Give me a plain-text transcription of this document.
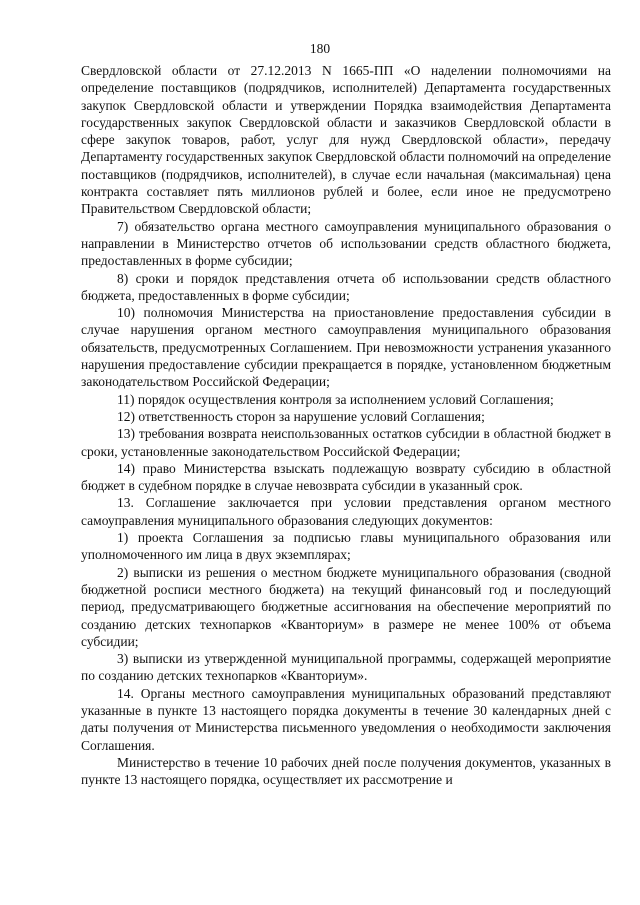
180

Свердловской области от 27.12.2013 N 1665-ПП «О наделении полномочиями на определение поставщиков (подрядчиков, исполнителей) Департамента государственных закупок Свердловской области и утверждении Порядка взаимодействия Департамента государственных закупок Свердловской области и заказчиков Свердловской области в сфере закупок товаров, работ, услуг для нужд Свердловской области», передачу Департаменту государственных закупок Свердловской области полномочий на определение поставщиков (подрядчиков, исполнителей), в случае если начальная (максимальная) цена контракта составляет пять миллионов рублей и более, если иное не предусмотрено Правительством Свердловской области;

7) обязательство органа местного самоуправления муниципального образования о направлении в Министерство отчетов об использовании средств областного бюджета, предоставленных в форме субсидии;

8) сроки и порядок представления отчета об использовании средств областного бюджета, предоставленных в форме субсидии;

10) полномочия Министерства на приостановление предоставления субсидии в случае нарушения органом местного самоуправления муниципального образования обязательств, предусмотренных Соглашением. При невозможности устранения указанного нарушения предоставление субсидии прекращается в порядке, установленном бюджетным законодательством Российской Федерации;

11) порядок осуществления контроля за исполнением условий Соглашения;

12) ответственность сторон за нарушение условий Соглашения;

13) требования возврата неиспользованных остатков субсидии в областной бюджет в сроки, установленные законодательством Российской Федерации;

14) право Министерства взыскать подлежащую возврату субсидию в областной бюджет в судебном порядке в случае невозврата субсидии в указанный срок.

13. Соглашение заключается при условии представления органом местного самоуправления муниципального образования следующих документов:

1) проекта Соглашения за подписью главы муниципального образования или уполномоченного им лица в двух экземплярах;

2) выписки из решения о местном бюджете муниципального образования (сводной бюджетной росписи местного бюджета) на текущий финансовый год и последующий период, предусматривающего бюджетные ассигнования на обеспечение мероприятий по созданию детских технопарков «Кванториум» в размере не менее 100% от объема субсидии;

3) выписки из утвержденной муниципальной программы, содержащей мероприятие по созданию детских технопарков «Кванториум».

14. Органы местного самоуправления муниципальных образований представляют указанные в пункте 13 настоящего порядка документы в течение 30 календарных дней с даты получения от Министерства письменного уведомления о необходимости заключения Соглашения.

Министерство в течение 10 рабочих дней после получения документов, указанных в пункте 13 настоящего порядка, осуществляет их рассмотрение и
